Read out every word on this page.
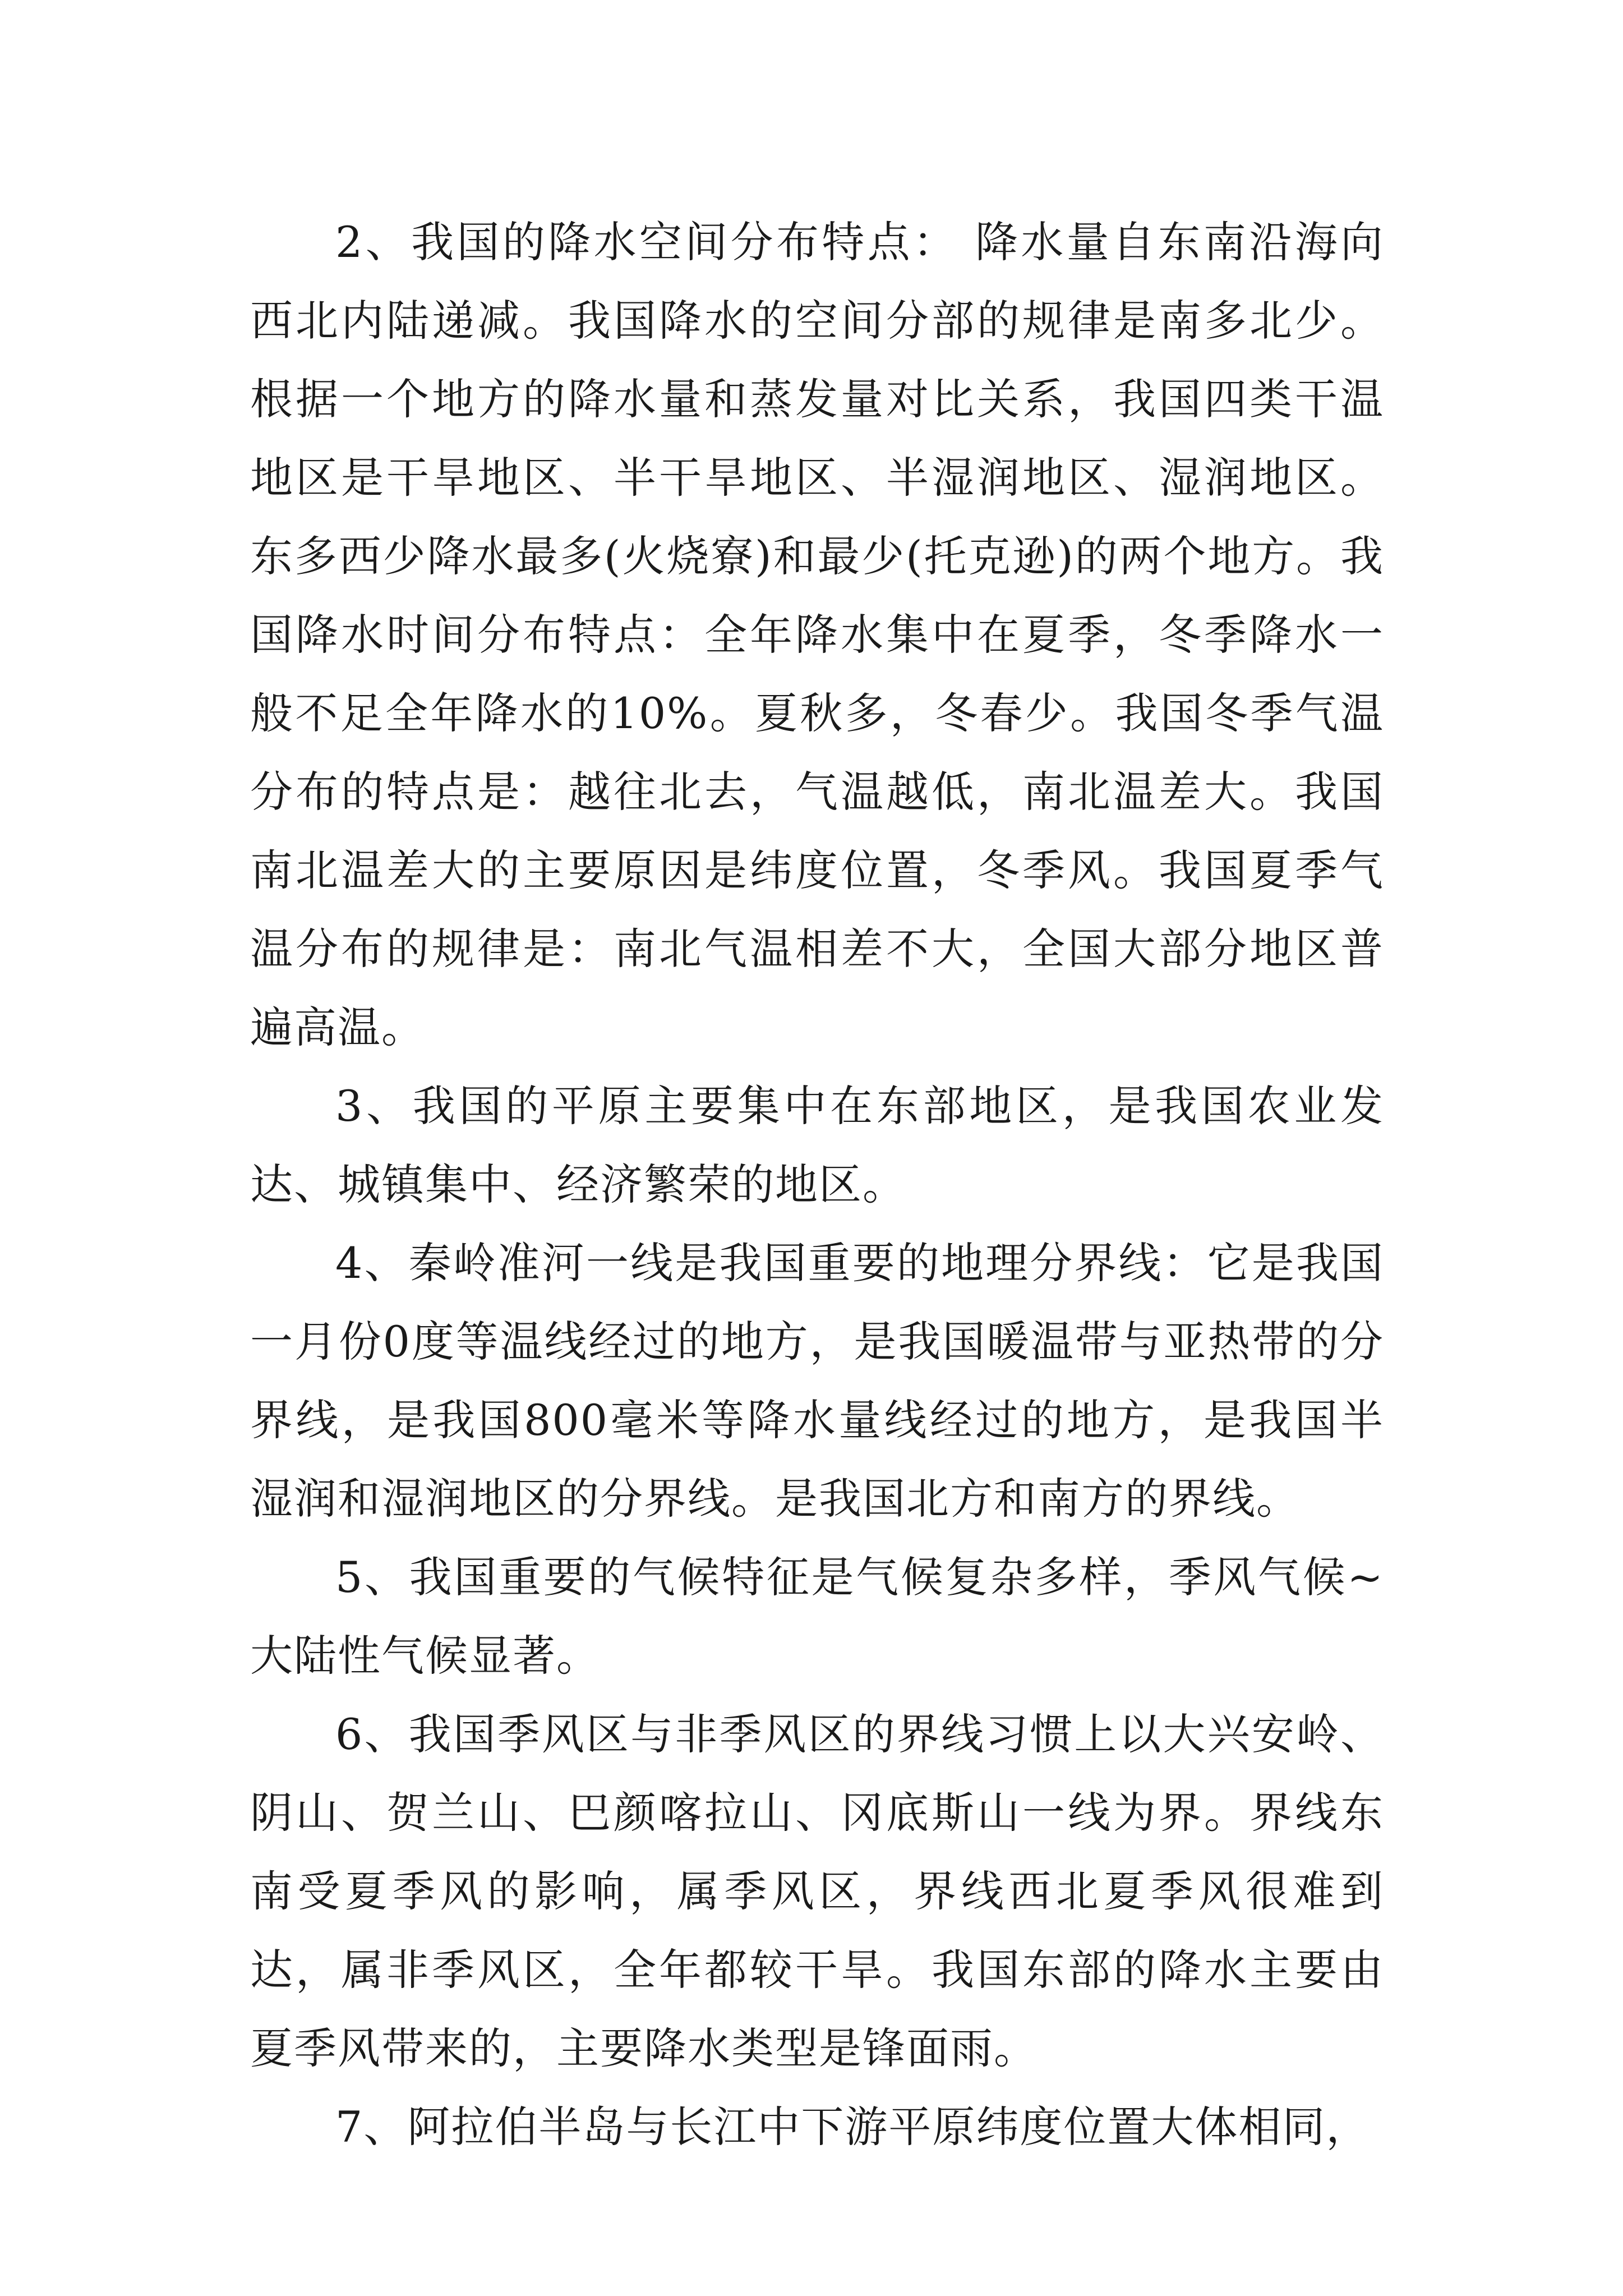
2、我国的降水空间分布特点： 降水量自东南沿海向西北内陆递减。我国降水的空间分部的规律是南多北少。根据一个地方的降水量和蒸发量对比关系，我国四类干温地区是干旱地区、半干旱地区、半湿润地区、湿润地区。东多西少降水最多(火烧寮)和最少(托克逊)的两个地方。我国降水时间分布特点：全年降水集中在夏季，冬季降水一般不足全年降水的10%。夏秋多，冬春少。我国冬季气温分布的特点是：越往北去，气温越低，南北温差大。我国南北温差大的主要原因是纬度位置，冬季风。我国夏季气温分布的规律是：南北气温相差不大，全国大部分地区普遍高温。

3、我国的平原主要集中在东部地区，是我国农业发达、城镇集中、经济繁荣的地区。

4、秦岭准河一线是我国重要的地理分界线：它是我国一月份0度等温线经过的地方，是我国暖温带与亚热带的分界线，是我国800毫米等降水量线经过的地方，是我国半湿润和湿润地区的分界线。是我国北方和南方的界线。

5、我国重要的气候特征是气候复杂多样，季风气候~大陆性气候显著。

6、我国季风区与非季风区的界线习惯上以大兴安岭、阴山、贺兰山、巴颜喀拉山、冈底斯山一线为界。界线东南受夏季风的影响，属季风区，界线西北夏季风很难到达，属非季风区，全年都较干旱。我国东部的降水主要由夏季风带来的，主要降水类型是锋面雨。

7、阿拉伯半岛与长江中下游平原纬度位置大体相同，
